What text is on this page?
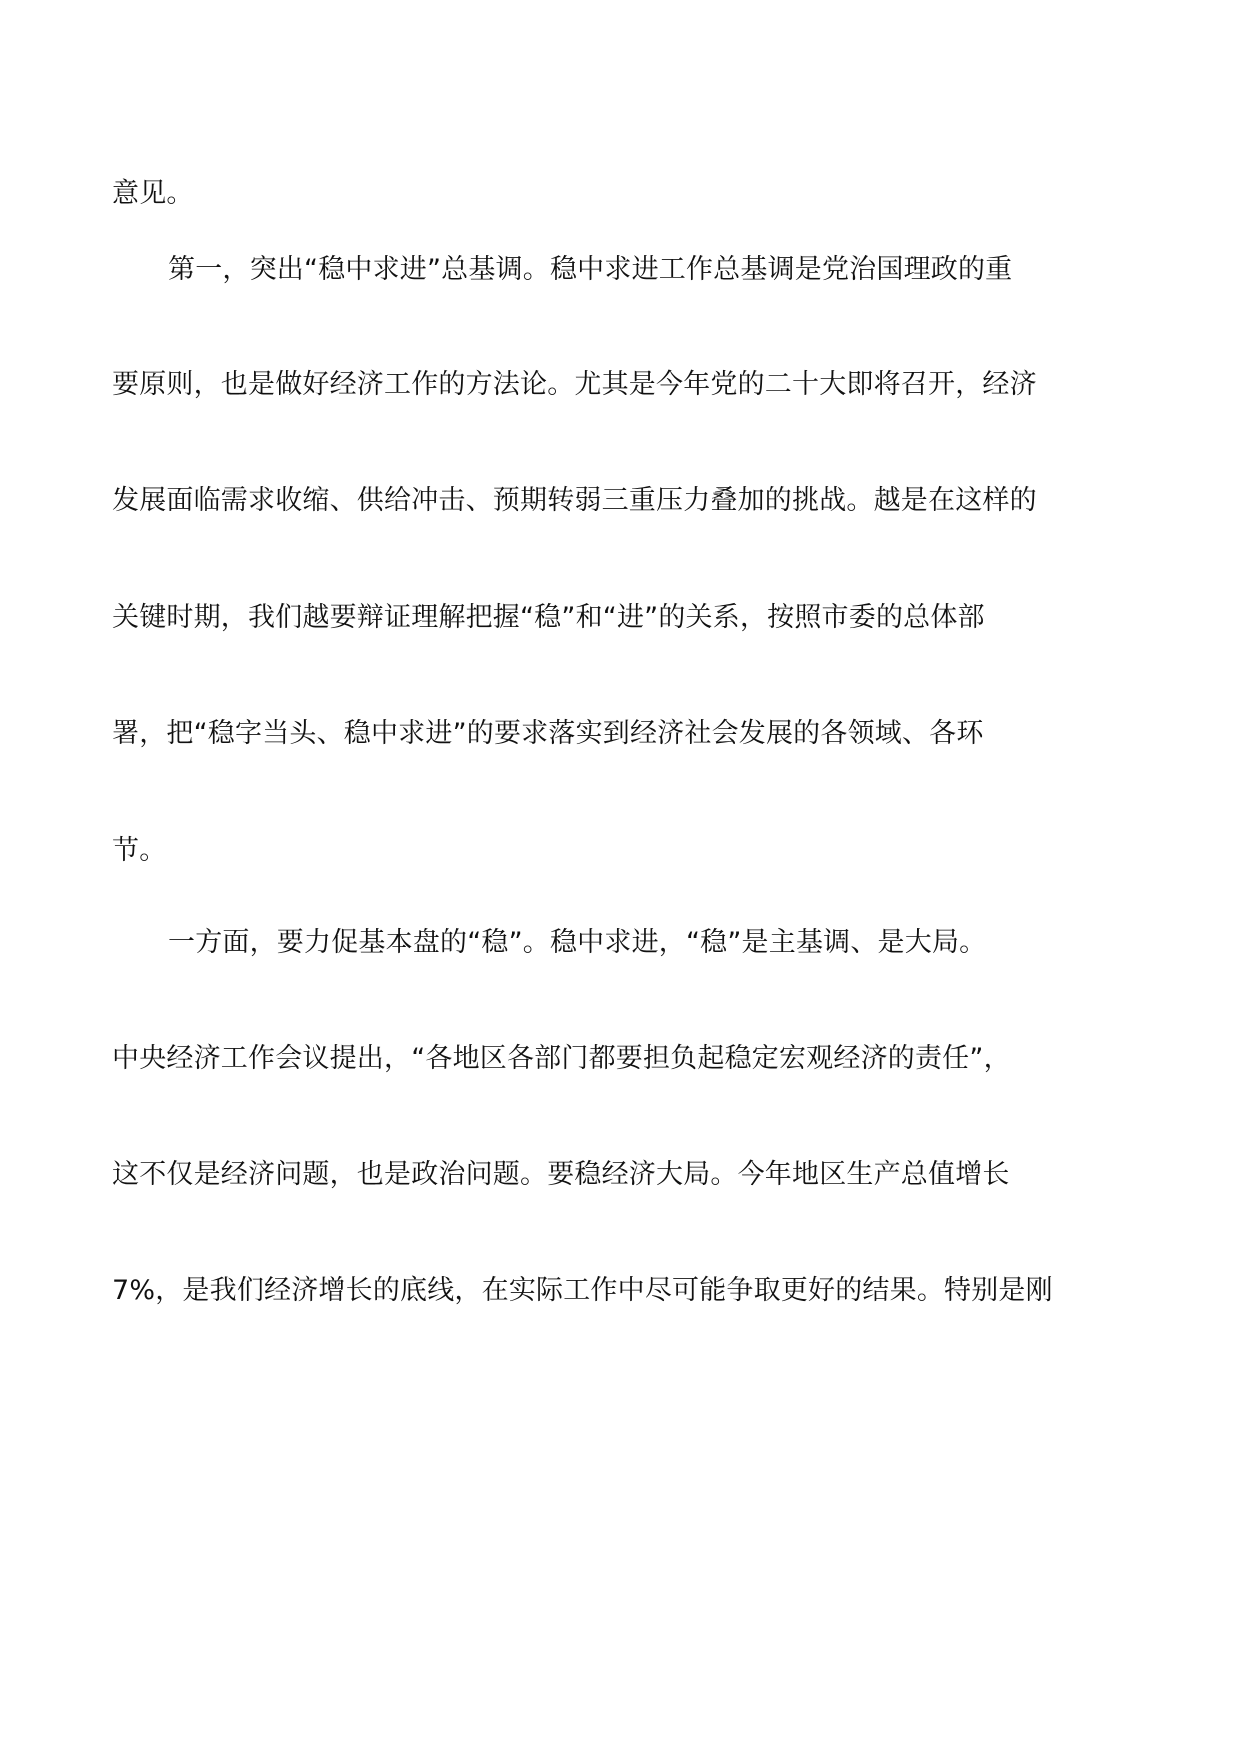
意见。
第一，突出“稳中求进”总基调。稳中求进工作总基调是党治国理政的重
要原则，也是做好经济工作的方法论。尤其是今年党的二十大即将召开，经济
发展面临需求收缩、供给冲击、预期转弱三重压力叠加的挑战。越是在这样的
关键时期，我们越要辩证理解把握“稳”和“进”的关系，按照市委的总体部
署，把“稳字当头、稳中求进”的要求落实到经济社会发展的各领域、各环
节。
一方面，要力促基本盘的“稳”。稳中求进，“稳”是主基调、是大局。
中央经济工作会议提出，“各地区各部门都要担负起稳定宏观经济的责任”，
这不仅是经济问题，也是政治问题。要稳经济大局。今年地区生产总值增长
7%，是我们经济增长的底线，在实际工作中尽可能争取更好的结果。特别是刚
